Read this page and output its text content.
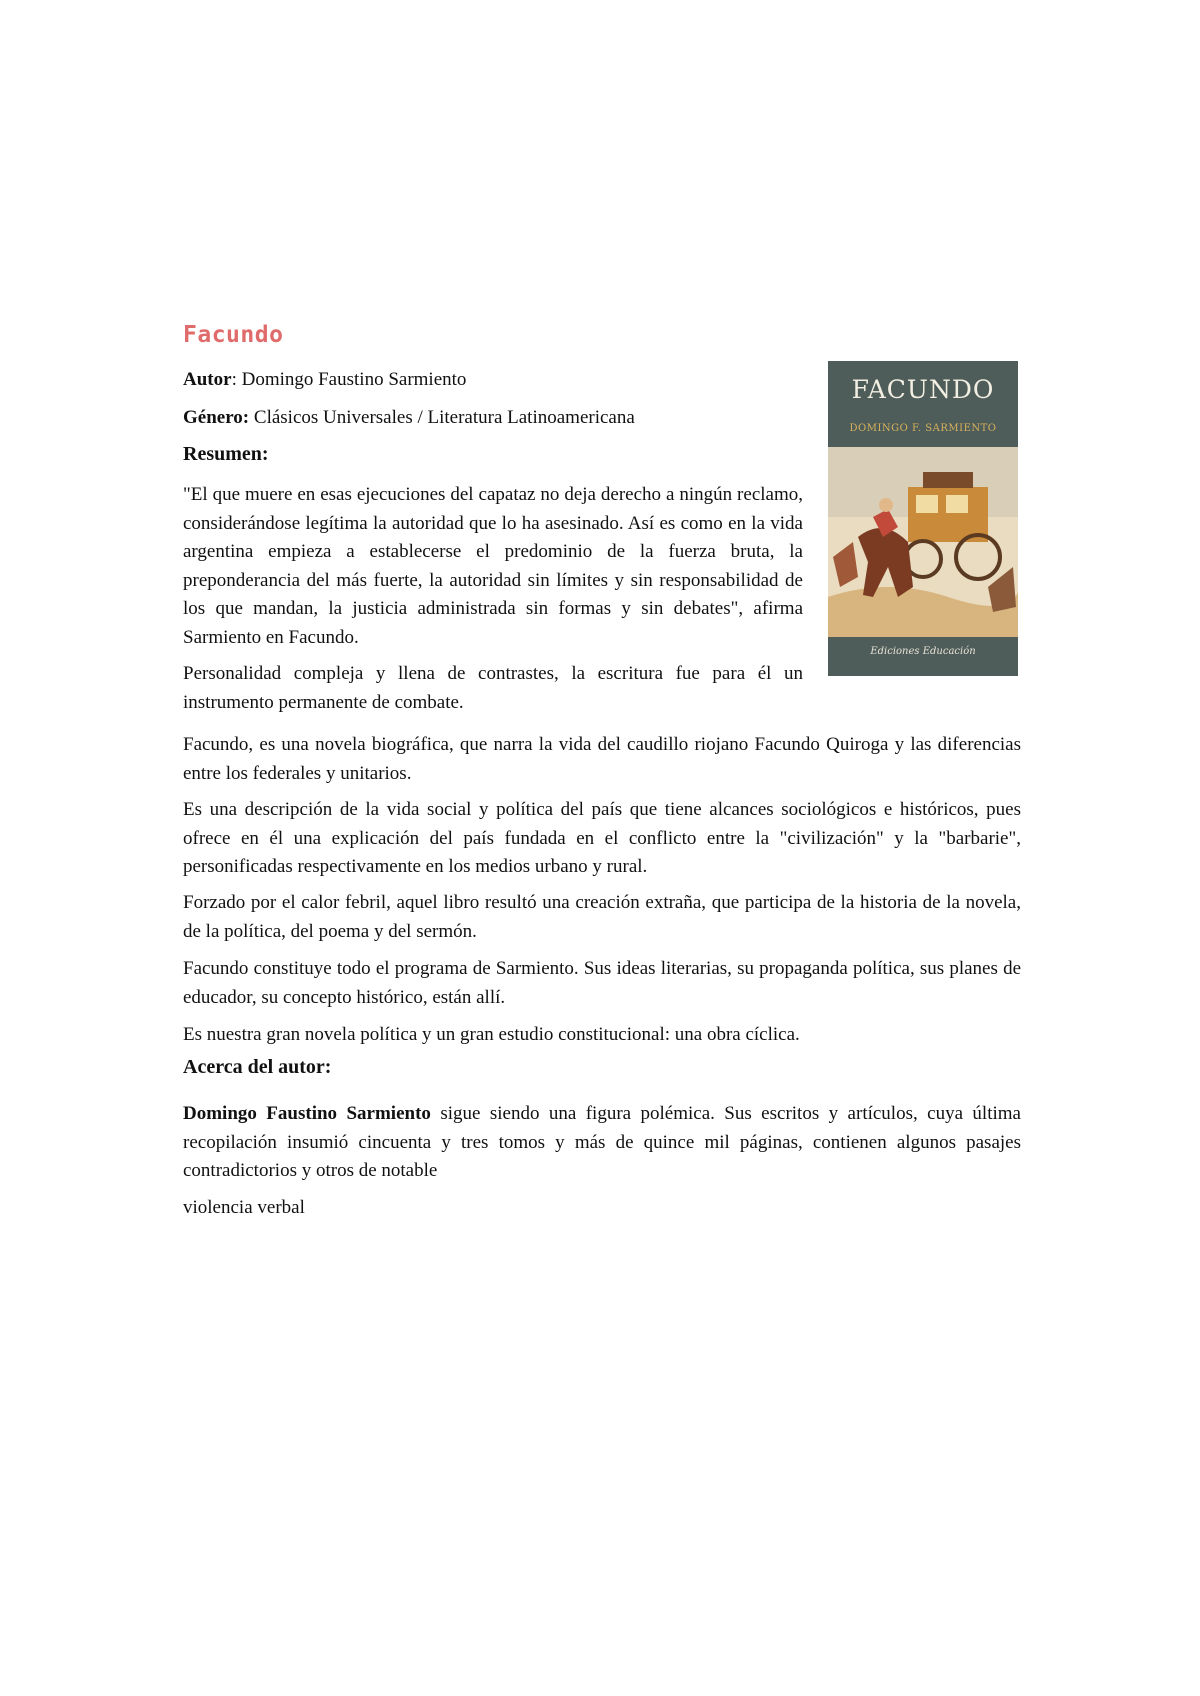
Facundo
Autor: Domingo Faustino Sarmiento
Género: Clásicos Universales / Literatura Latinoamericana
Resumen:

"El que muere en esas ejecuciones del capataz no deja derecho a ningún reclamo, considerándose legítima la autoridad que lo ha asesinado. Así es como en la vida argentina empieza a establecerse el predominio de la fuerza bruta, la preponderancia del más fuerte, la autoridad sin límites y sin responsabilidad de los que mandan, la justicia administrada sin formas y sin debates", afirma Sarmiento en Facundo.

Personalidad compleja y llena de contrastes, la escritura fue para él un instrumento permanente de combate.

Facundo, es una novela biográfica, que narra la vida del caudillo riojano Facundo Quiroga y las diferencias entre los federales y unitarios.

Es una descripción de la vida social y política del país que tiene alcances sociológicos e históricos, pues ofrece en él una explicación del país fundada en el conflicto entre la "civilización" y la "barbarie", personificadas respectivamente en los medios urbano y rural.

Forzado por el calor febril, aquel libro resultó una creación extraña, que participa de la historia de la novela, de la política, del poema y del sermón.

Facundo constituye todo el programa de Sarmiento. Sus ideas literarias, su propaganda política, sus planes de educador, su concepto histórico, están allí.

Es nuestra gran novela política y un gran estudio constitucional: una obra cíclica.

Acerca del autor:

Domingo Faustino Sarmiento sigue siendo una figura polémica. Sus escritos y artículos, cuya última recopilación insumió cincuenta y tres tomos y más de quince mil páginas, contienen algunos pasajes contradictorios y otros de notable

violencia verbal

FACUNDO
DOMINGO F. SARMIENTO
Ediciones Educación
